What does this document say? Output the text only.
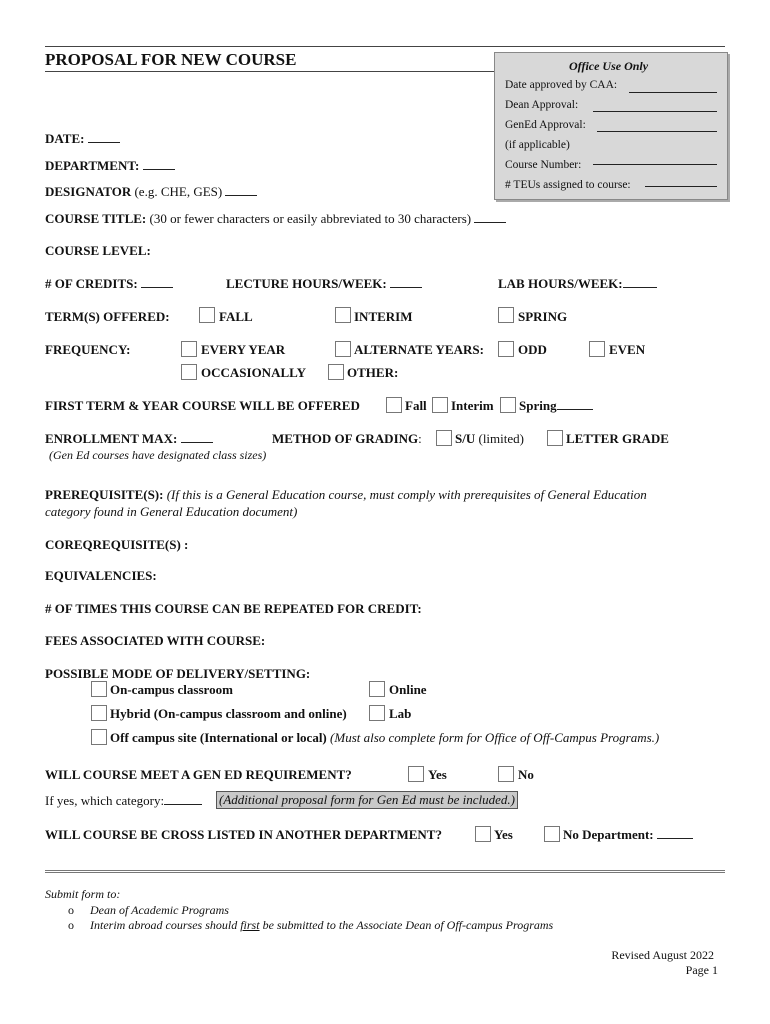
PROPOSAL FOR NEW COURSE	Office Use Only
Date approved by CAA:
Dean Approval:
GenEd Approval:
(if applicable)
Course Number:
# TEUs assigned to course:
DATE:
DEPARTMENT:
DESIGNATOR (e.g. CHE, GES)
COURSE TITLE: (30 or fewer characters or easily abbreviated to 30 characters)
COURSE LEVEL:
# OF CREDITS:	LECTURE HOURS/WEEK:	LAB HOURS/WEEK:
TERM(S) OFFERED:	FALL	INTERIM	SPRING
FREQUENCY:	EVERY YEAR	ALTERNATE YEARS:	ODD	EVEN
OCCASIONALLY	OTHER:
FIRST TERM & YEAR COURSE WILL BE OFFERED	Fall Interim Spring
ENROLLMENT MAX:
(Gen Ed courses have designated class sizes)
METHOD OF GRADING:	S/U (limited)	LETTER GRADE
PREREQUISITE(S): (If this is a General Education course, must comply with prerequisites of General Education
category found in General Education document)
COREQREQUISITE(S) :
EQUIVALENCIES:
# OF TIMES THIS COURSE CAN BE REPEATED FOR CREDIT:
FEES ASSOCIATED WITH COURSE:
POSSIBLE MODE OF DELIVERY/SETTING:
On-campus classroom	Online
Hybrid (On-campus classroom and online)	Lab
Off campus site (International or local) (Must also complete form for Office of Off-Campus Programs.)
WILL COURSE MEET A GEN ED REQUIREMENT?	Yes	No
If yes, which category:	(Additional proposal form for Gen Ed must be included.)
WILL COURSE BE CROSS LISTED IN ANOTHER DEPARTMENT?	Yes	No Department:
Submit form to:
o Dean of Academic Programs
o Interim abroad courses should first be submitted to the Associate Dean of Off-campus Programs
Revised August 2022
Page 1
